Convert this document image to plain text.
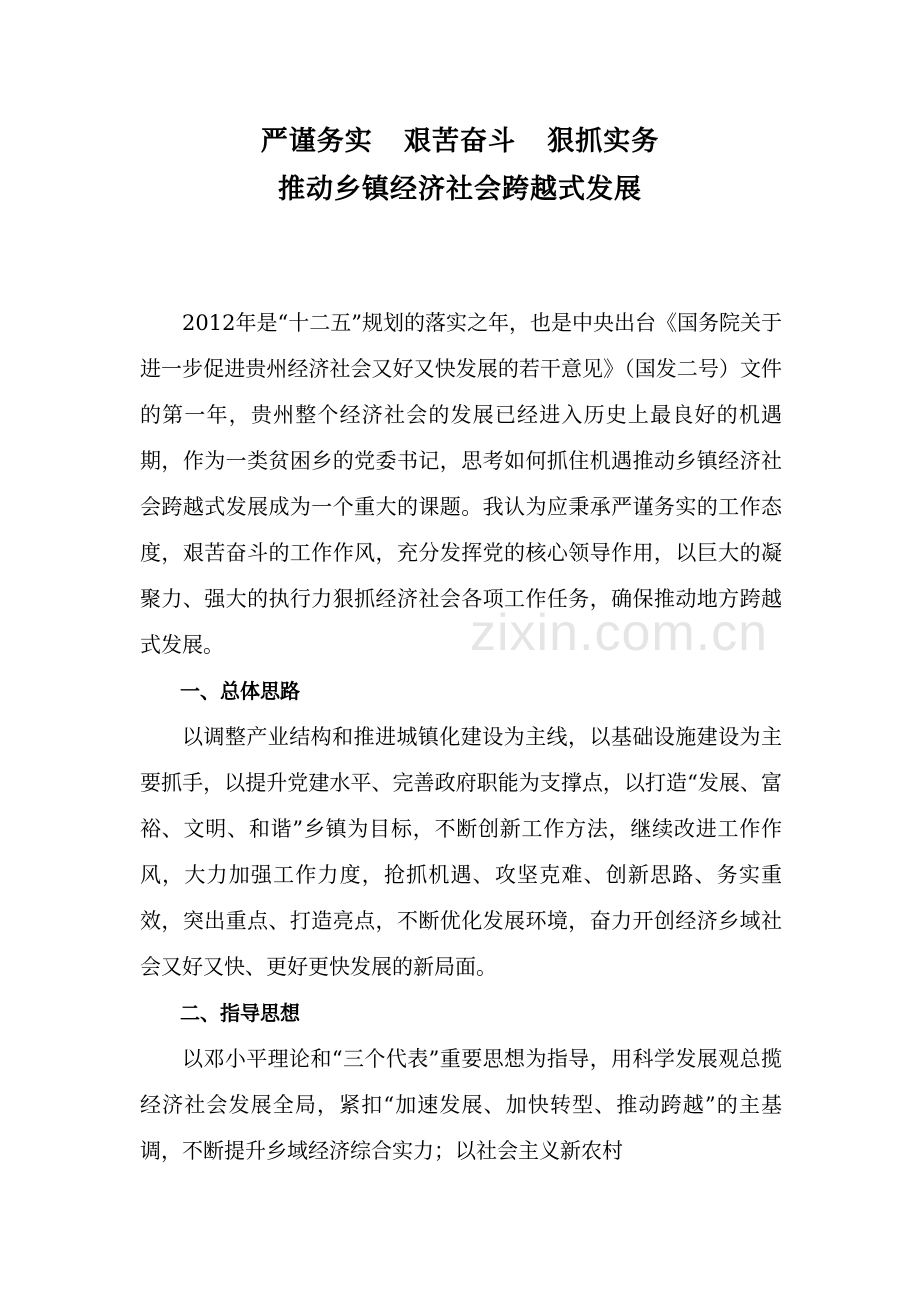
严谨务实   艰苦奋斗   狠抓实务
推动乡镇经济社会跨越式发展

2012年是“十二五”规划的落实之年，也是中央出台《国务院关于进一步促进贵州经济社会又好又快发展的若干意见》（国发二号）文件的第一年，贵州整个经济社会的发展已经进入历史上最良好的机遇期，作为一类贫困乡的党委书记，思考如何抓住机遇推动乡镇经济社会跨越式发展成为一个重大的课题。我认为应秉承严谨务实的工作态度，艰苦奋斗的工作作风，充分发挥党的核心领导作用，以巨大的凝聚力、强大的执行力狠抓经济社会各项工作任务，确保推动地方跨越式发展。

一、总体思路

以调整产业结构和推进城镇化建设为主线，以基础设施建设为主要抓手，以提升党建水平、完善政府职能为支撑点，以打造“发展、富裕、文明、和谐”乡镇为目标，不断创新工作方法，继续改进工作作风，大力加强工作力度，抢抓机遇、攻坚克难、创新思路、务实重效，突出重点、打造亮点，不断优化发展环境，奋力开创经济乡域社会又好又快、更好更快发展的新局面。

二、指导思想

以邓小平理论和“三个代表”重要思想为指导，用科学发展观总揽经济社会发展全局，紧扣“加速发展、加快转型、推动跨越”的主基调，不断提升乡域经济综合实力；以社会主义新农村

zixin.com.cn
